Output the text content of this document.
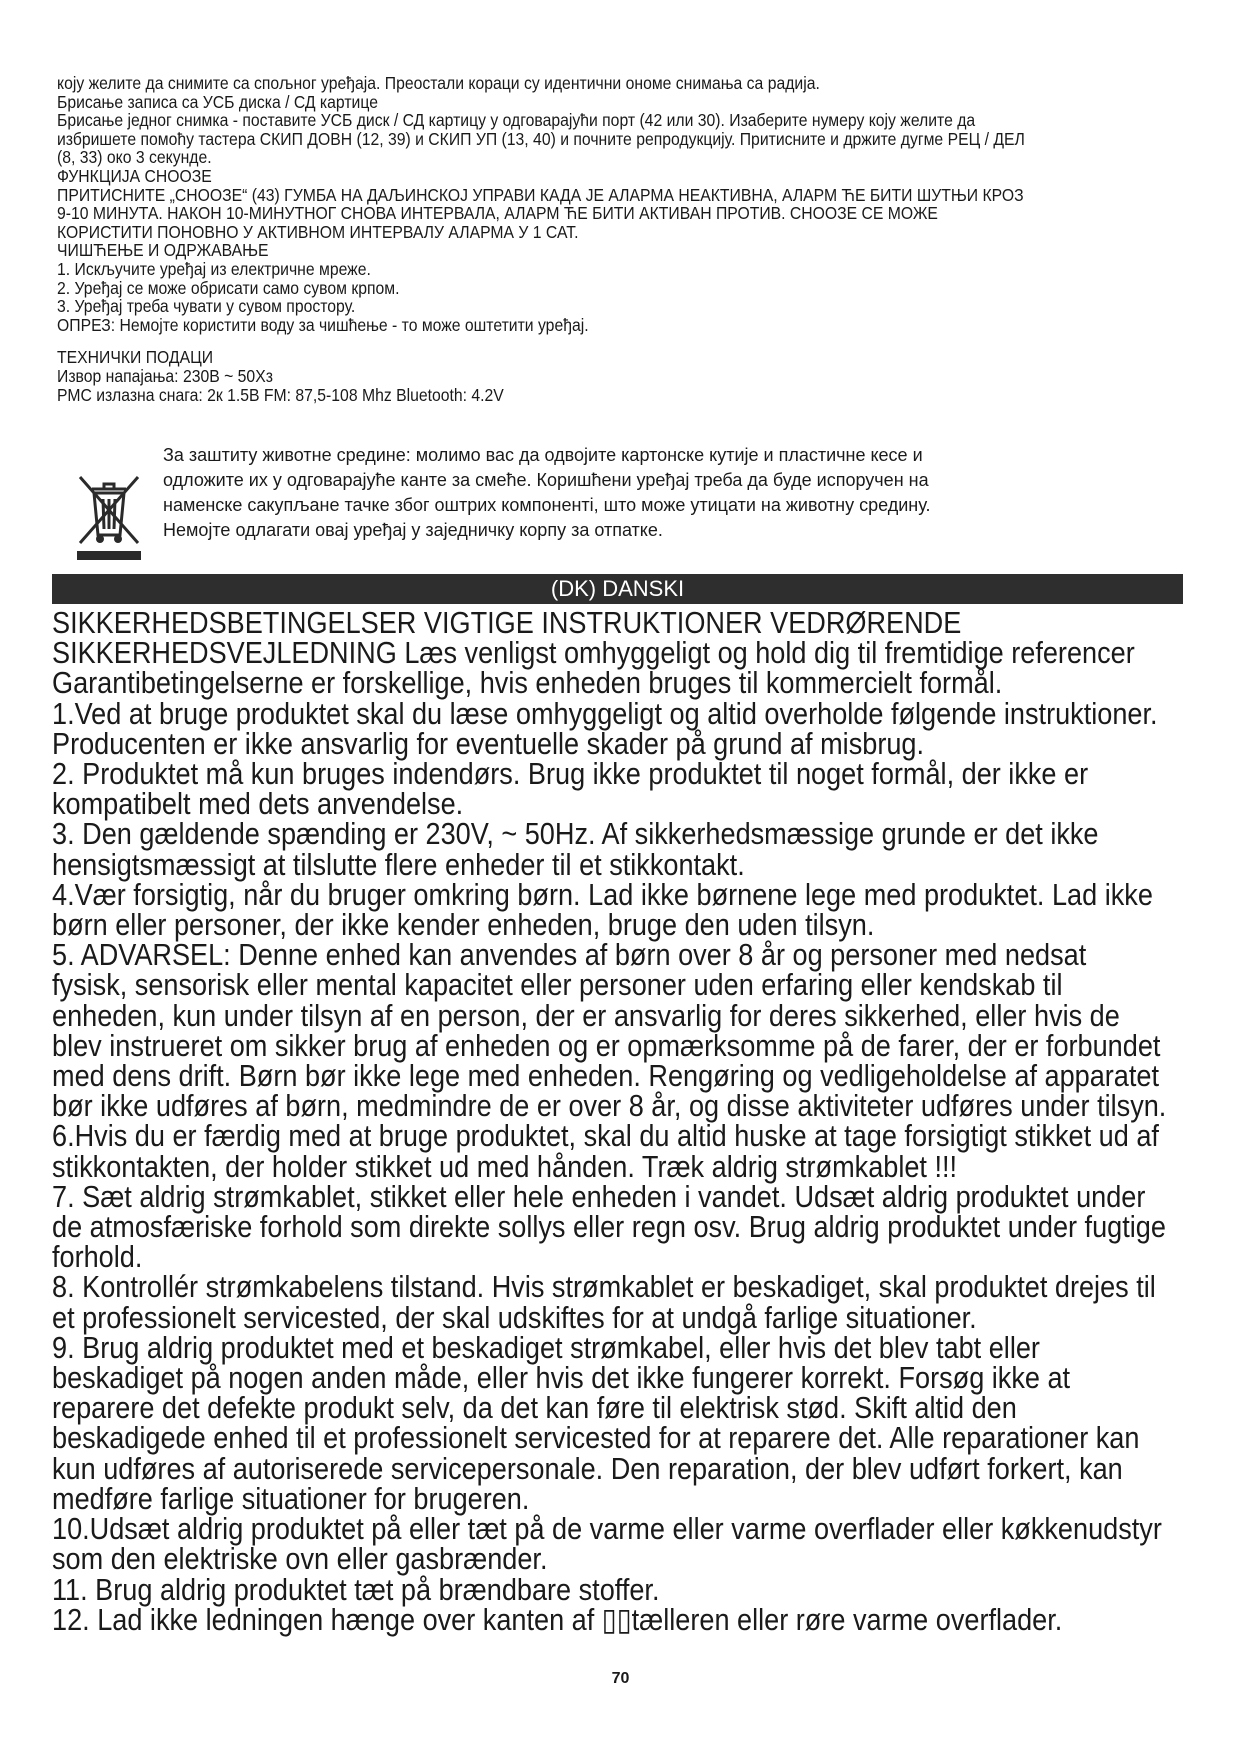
коју желите да снимите са спољног уређаја. Преостали кораци су идентични ономе снимања са радија.

Брисање записа са УСБ диска / СД картице

Брисање једног снимка - поставите УСБ диск / СД картицу у одговарајући порт (42 или 30). Изаберите нумеру коју желите да

избришете помоћу тастера СКИП ДОВН (12, 39) и СКИП УП (13, 40) и почните репродукцију. Притисните и држите дугме РЕЦ / ДЕЛ

(8, 33) око 3 секунде.

ФУНКЦИЈА СНООЗЕ

ПРИТИСНИТЕ „СНООЗЕ“ (43) ГУМБА НА ДАЉИНСКОЈ УПРАВИ КАДА ЈЕ АЛАРМА НЕАКТИВНА, АЛАРМ ЋЕ БИТИ ШУТЊИ КРОЗ

9-10 МИНУТА. НАКОН 10-МИНУТНОГ СНОВА ИНТЕРВАЛА, АЛАРМ ЋЕ БИТИ АКТИВАН ПРОТИВ. СНООЗЕ СЕ МОЖЕ

КОРИСТИТИ ПОНОВНО У АКТИВНОМ ИНТЕРВАЛУ АЛАРМА У 1 САТ.

ЧИШЋЕЊЕ И ОДРЖАВАЊЕ

1. Искључите уређај из електричне мреже.

2. Уређај се може обрисати само сувом крпом.

3. Уређај треба чувати у сувом простору.

ОПРЕЗ: Немојте користити воду за чишћење - то може оштетити уређај.

ТЕХНИЧКИ ПОДАЦИ

Извор напајања: 230В ~ 50Хз

РМС излазна снага: 2к 1.5В FM: 87,5-108 Mhz Bluetooth: 4.2V

За заштиту животне средине: молимо вас да одвојите картонске кутије и пластичне кесе и

одложите их у одговарајуће канте за смеће. Коришћени уређај треба да буде испоручен на

наменске сакупљане тачке због оштрих компонентi, што може утицати на животну средину.

Немојте одлагати овај уређај у заједничку корпу за отпатке.

(DK) DANSKI

SIKKERHEDSBETINGELSER VIGTIGE INSTRUKTIONER VEDRØRENDE

SIKKERHEDSVEJLEDNING Læs venligst omhyggeligt og hold dig til fremtidige referencer

Garantibetingelserne er forskellige, hvis enheden bruges til kommercielt formål.

1.Ved at bruge produktet skal du læse omhyggeligt og altid overholde følgende instruktioner.

Producenten er ikke ansvarlig for eventuelle skader på grund af misbrug.

2. Produktet må kun bruges indendørs. Brug ikke produktet til noget formål, der ikke er

kompatibelt med dets anvendelse.

3. Den gældende spænding er 230V, ~ 50Hz. Af sikkerhedsmæssige grunde er det ikke

hensigtsmæssigt at tilslutte flere enheder til et stikkontakt.

4.Vær forsigtig, når du bruger omkring børn. Lad ikke børnene lege med produktet. Lad ikke

børn eller personer, der ikke kender enheden, bruge den uden tilsyn.

5. ADVARSEL: Denne enhed kan anvendes af børn over 8 år og personer med nedsat

fysisk, sensorisk eller mental kapacitet eller personer uden erfaring eller kendskab til

enheden, kun under tilsyn af en person, der er ansvarlig for deres sikkerhed, eller hvis de

blev instrueret om sikker brug af enheden og er opmærksomme på de farer, der er forbundet

med dens drift. Børn bør ikke lege med enheden. Rengøring og vedligeholdelse af apparatet

bør ikke udføres af børn, medmindre de er over 8 år, og disse aktiviteter udføres under tilsyn.

6.Hvis du er færdig med at bruge produktet, skal du altid huske at tage forsigtigt stikket ud af

stikkontakten, der holder stikket ud med hånden. Træk aldrig strømkablet !!!

7. Sæt aldrig strømkablet, stikket eller hele enheden i vandet. Udsæt aldrig produktet under

de atmosfæriske forhold som direkte sollys eller regn osv. Brug aldrig produktet under fugtige

forhold.

8. Kontrollér strømkabelens tilstand. Hvis strømkablet er beskadiget, skal produktet drejes til

et professionelt servicested, der skal udskiftes for at undgå farlige situationer.

9. Brug aldrig produktet med et beskadiget strømkabel, eller hvis det blev tabt eller

beskadiget på nogen anden måde, eller hvis det ikke fungerer korrekt. Forsøg ikke at

reparere det defekte produkt selv, da det kan føre til elektrisk stød. Skift altid den

beskadigede enhed til et professionelt servicested for at reparere det. Alle reparationer kan

kun udføres af autoriserede servicepersonale. Den reparation, der blev udført forkert, kan

medføre farlige situationer for brugeren.

10.Udsæt aldrig produktet på eller tæt på de varme eller varme overflader eller køkkenudstyr

som den elektriske ovn eller gasbrænder.

11. Brug aldrig produktet tæt på brændbare stoffer.

12. Lad ikke ledningen hænge over kanten af ▯▯tælleren eller røre varme overflader.

70
